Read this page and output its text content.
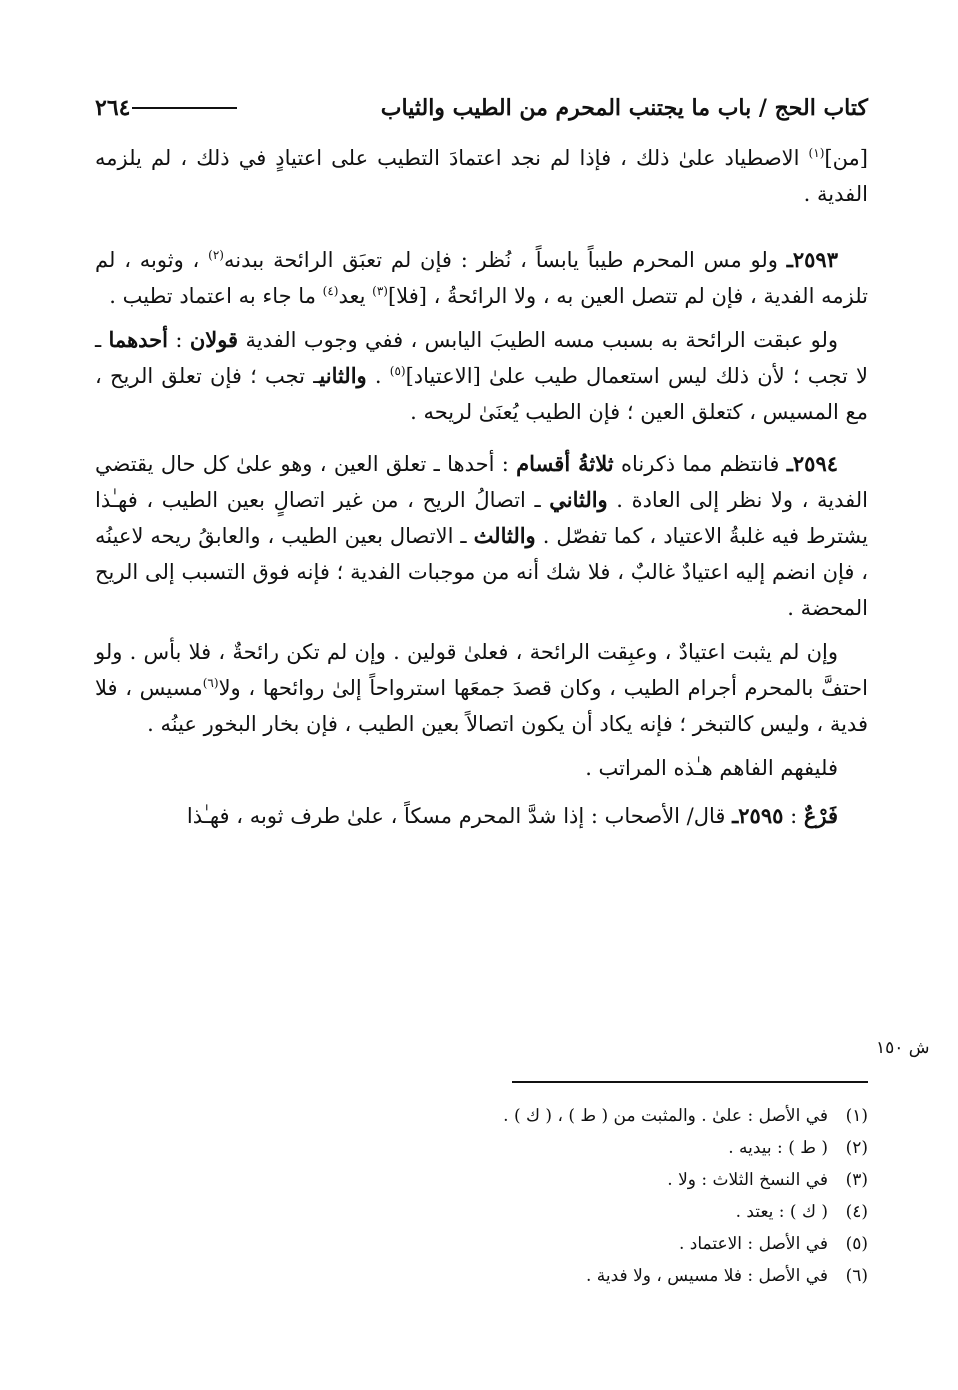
كتاب الحج / باب ما يجتنب المحرم من الطيب والثياب
٢٦٤

[من]$^{(١)}$ الاصطياد علىٰ ذلك ، فإذا لم نجد اعتمادَ التطيب على اعتيادٍ في ذلك ، لم يلزمه الفدية .

٢٥٩٣ـ ولو مس المحرم طيباً يابساً ، نُظر : فإن لم تعبَق الرائحة ببدنه$^{(٢)}$ ، وثوبه ، لم تلزمه الفدية ، فإن لم تتصل العين به ، ولا الرائحةُ ، [فلا]$^{(٣)}$ يعد$^{(٤)}$ ما جاء به اعتماد تطيب .

ولو عبقت الرائحة به بسبب مسه الطيبَ اليابس ، ففي وجوب الفدية قولان : أحدهما ـ لا تجب ؛ لأن ذلك ليس استعمال طيب علىٰ [الاعتياد]$^{(٥)}$ . والثانيـ تجب ؛ فإن تعلق الريح ، مع المسيس ، كتعلق العين ؛ فإن الطيب يُعنَىٰ لريحه .

٢٥٩٤ـ فانتظم مما ذكرناه ثلاثةُ أقسام : أحدها ـ تعلق العين ، وهو علىٰ كل حال يقتضي الفدية ، ولا نظر إلى العادة . والثاني ـ اتصالُ الريح ، من غير اتصالٍ بعين الطيب ، فهـٰذا يشترط فيه غلبةُ الاعتياد ، كما تفصّل . والثالث ـ الاتصال بعين الطيب ، والعابقُ ريحه لاعينُه ، فإن انضم إليه اعتيادٌ غالبٌ ، فلا شك أنه من موجبات الفدية ؛ فإنه فوق التسبب إلى الريح المحضة .

وإن لم يثبت اعتيادٌ ، وعبِقت الرائحة ، فعلىٰ قولين . وإن لم تكن رائحةٌ ، فلا بأس . ولو احتفَّ بالمحرم أجرام الطيب ، وكان قصدَ جمعَها استرواحاً إلىٰ روائحها ، ولا$^{(٦)}$مسيس ، فلا فدية ، وليس كالتبخر ؛ فإنه يكاد أن يكون اتصالاً بعين الطيب ، فإن بخار البخور عينُه .

فليفهم الفاهم هـٰذه المراتب .

فَرْعٌ : ٢٥٩٥ـ قال/ الأصحاب : إذا شدَّ المحرم مسكاً ، علىٰ طرف ثوبه ، فهـٰذا

ش ١٥٠
(١)
في الأصل : علىٰ . والمثبت من ( ط ) ، ( ك ) .
(٢)
( ط ) : بيديه .
(٣)
في النسخ الثلاث : ولا .
(٤)
( ك ) : يعتد .
(٥)
في الأصل : الاعتماد .
(٦)
في الأصل : فلا مسيس ، ولا فدية .
